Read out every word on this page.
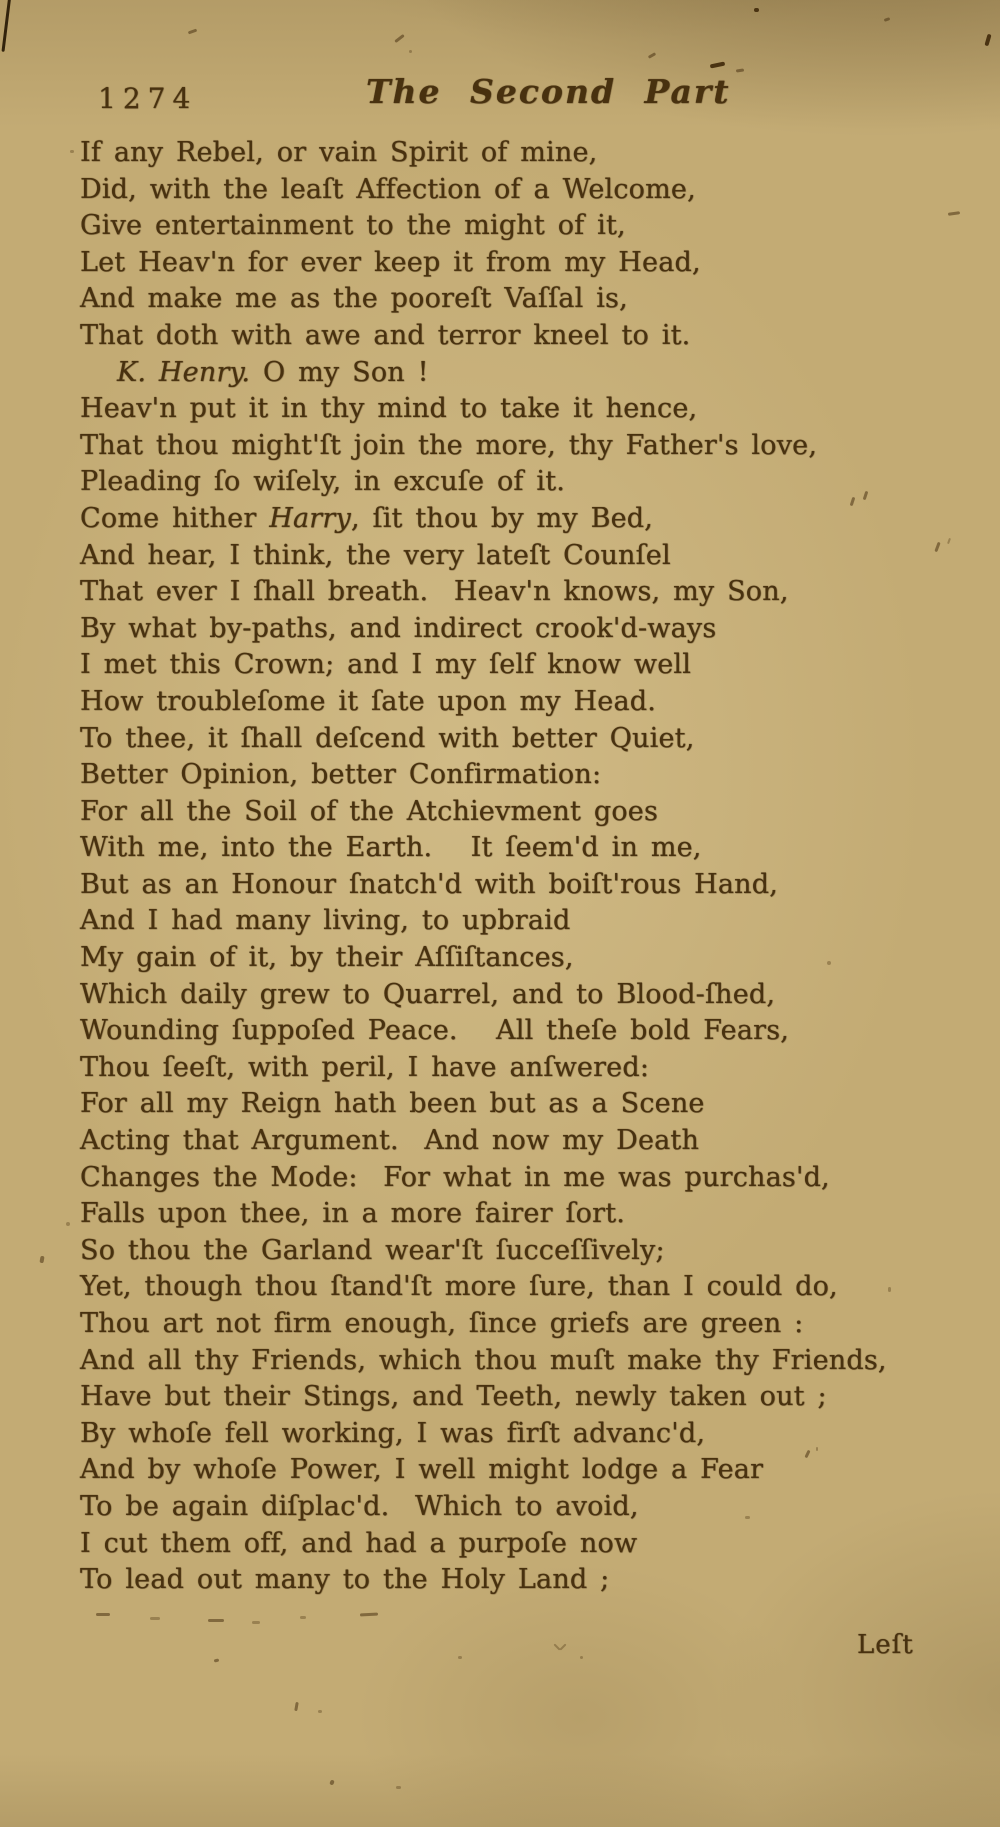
1274	The Second Part
If any Rebel, or vain Spirit of mine,
Did, with the leaſt Affection of a Welcome,
Give entertainment to the might of it,
Let Heav'n for ever keep it from my Head,
And make me as the pooreſt Vaſſal is,
That doth with awe and terror kneel to it.
K. Henry. O my Son !
Heav'n put it in thy mind to take it hence,
That thou might'ſt join the more, thy Father's love,
Pleading ſo wiſely, in excuſe of it.
Come hither Harry, ſit thou by my Bed,
And hear, I think, the very lateſt Counſel
That ever I ſhall breath.  Heav'n knows, my Son,
By what by-paths, and indirect crook'd-ways
I met this Crown; and I my ſelf know well
How troubleſome it ſate upon my Head.
To thee, it ſhall deſcend with better Quiet,
Better Opinion, better Confirmation:
For all the Soil of the Atchievment goes
With me, into the Earth.   It ſeem'd in me,
But as an Honour ſnatch'd with boiſt'rous Hand,
And I had many living, to upbraid
My gain of it, by their Aſſiſtances,
Which daily grew to Quarrel, and to Blood-ſhed,
Wounding ſuppoſed Peace.   All theſe bold Fears,
Thou ſeeſt, with peril, I have anſwered:
For all my Reign hath been but as a Scene
Acting that Argument.  And now my Death
Changes the Mode:  For what in me was purchas'd,
Falls upon thee, in a more fairer ſort.
So thou the Garland wear'ſt ſucceſſively;
Yet, though thou ſtand'ſt more ſure, than I could do,
Thou art not firm enough, ſince griefs are green :
And all thy Friends, which thou muſt make thy Friends,
Have but their Stings, and Teeth, newly taken out ;
By whoſe fell working, I was firſt advanc'd,
And by whoſe Power, I well might lodge a Fear
To be again diſplac'd.  Which to avoid,
I cut them off, and had a purpoſe now
To lead out many to the Holy Land ;
Leſt
